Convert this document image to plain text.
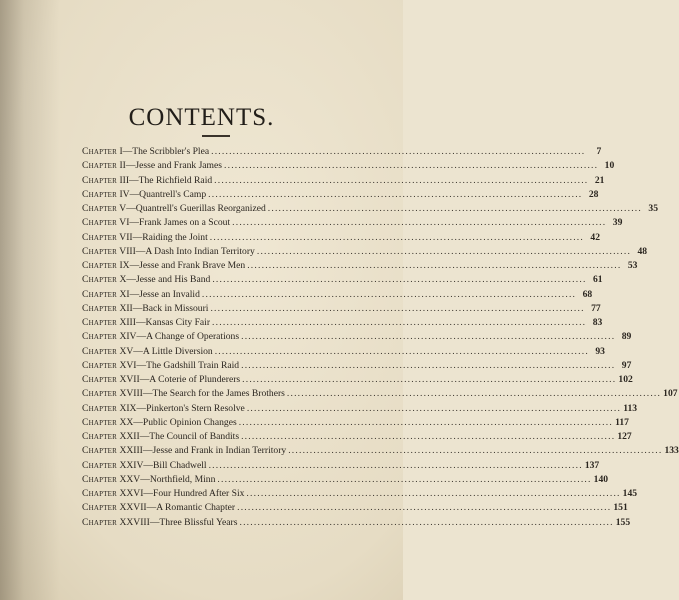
CONTENTS.
Chapter I—The Scribbler's Plea .....	7
Chapter II—Jesse and Frank James .....	10
Chapter III—The Richfield Raid .....	21
Chapter IV—Quantrell's Camp .....	28
Chapter V—Quantrell's Guerillas Reorganized .....	35
Chapter VI—Frank James on a Scout .....	39
Chapter VII—Raiding the Joint .....	42
Chapter VIII—A Dash Into Indian Territory .....	48
Chapter IX—Jesse and Frank Brave Men .....	53
Chapter X—Jesse and His Band .....	61
Chapter XI—Jesse an Invalid .....	68
Chapter XII—Back in Missouri .....	77
Chapter XIII—Kansas City Fair .....	83
Chapter XIV—A Change of Operations .....	89
Chapter XV—A Little Diversion .....	93
Chapter XVI—The Gadshill Train Raid .....	97
Chapter XVII—A Coterie of Plunderers .....	102
Chapter XVIII—The Search for the James Brothers .....	107
Chapter XIX—Pinkerton's Stern Resolve .....	113
Chapter XX—Public Opinion Changes .....	117
Chapter XXII—The Council of Bandits .....	127
Chapter XXIII—Jesse and Frank in Indian Territory .....	133
Chapter XXIV—Bill Chadwell .....	137
Chapter XXV—Northfield, Minn .....	140
Chapter XXVI—Four Hundred After Six .....	145
Chapter XXVII—A Romantic Chapter .....	151
Chapter XXVIII—Three Blissful Years .....	155
